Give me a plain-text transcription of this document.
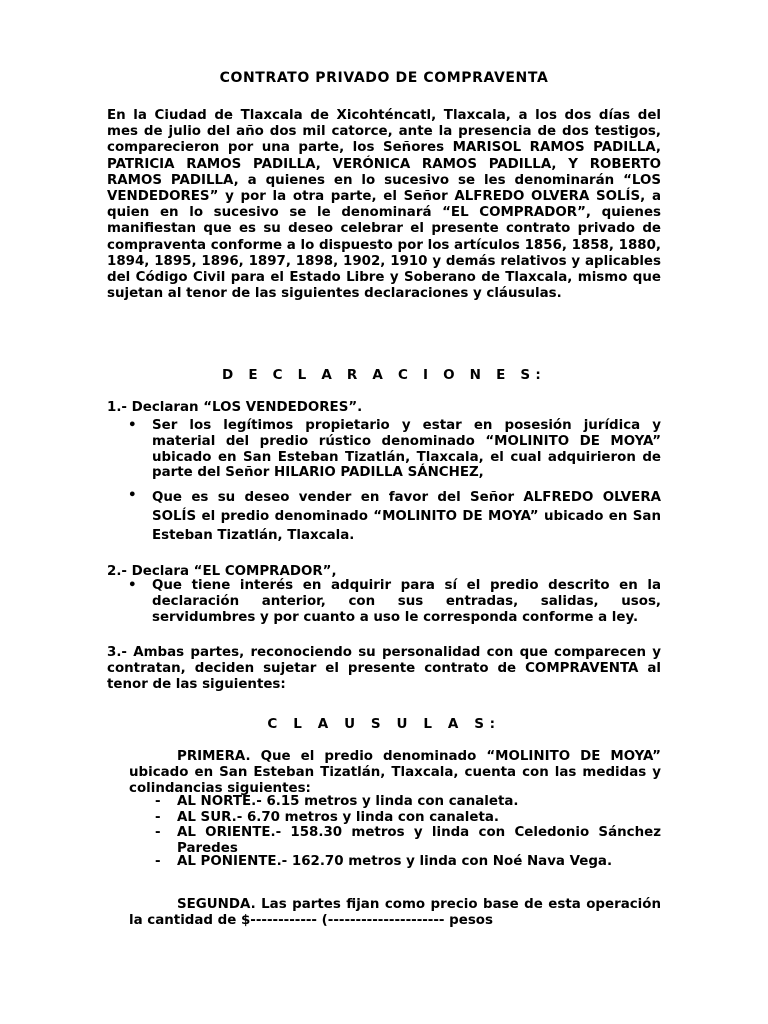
CONTRATO PRIVADO DE COMPRAVENTA
En la Ciudad de Tlaxcala de Xicohténcatl, Tlaxcala, a los dos días del mes de julio del año dos mil catorce, ante la presencia de dos testigos, comparecieron por una parte, los Señores MARISOL RAMOS PADILLA, PATRICIA RAMOS PADILLA, VERÓNICA RAMOS PADILLA, Y ROBERTO RAMOS PADILLA, a quienes en lo sucesivo se les denominarán “LOS VENDEDORES” y por la otra parte, el Señor ALFREDO OLVERA SOLÍS, a quien en lo sucesivo se le denominará “EL COMPRADOR”, quienes manifiestan que es su deseo celebrar el presente contrato privado de compraventa conforme a lo dispuesto por los artículos 1856, 1858, 1880, 1894, 1895, 1896, 1897, 1898, 1902, 1910 y demás relativos y aplicables del Código Civil para el Estado Libre y Soberano de Tlaxcala, mismo que sujetan al tenor de las siguientes declaraciones y cláusulas.
D E C L A R A C I O N E S:
1.- Declaran “LOS VENDEDORES”.
• Ser los legítimos propietario y estar en posesión jurídica y material del predio rústico denominado “MOLINITO DE MOYA” ubicado en San Esteban Tizatlán, Tlaxcala, el cual adquirieron de parte del Señor HILARIO PADILLA SÁNCHEZ,
• Que es su deseo vender en favor del Señor ALFREDO OLVERA SOLÍS el predio denominado “MOLINITO DE MOYA” ubicado en San Esteban Tizatlán, Tlaxcala.
2.- Declara “EL COMPRADOR”,
• Que tiene interés en adquirir para sí el predio descrito en la declaración anterior, con sus entradas, salidas, usos, servidumbres y por cuanto a uso le corresponda conforme a ley.
3.- Ambas partes, reconociendo su personalidad con que comparecen y contratan, deciden sujetar el presente contrato de COMPRAVENTA al tenor de las siguientes:
C L A U S U L A S:
PRIMERA. Que el predio denominado “MOLINITO DE MOYA” ubicado en San Esteban Tizatlán, Tlaxcala, cuenta con las medidas y colindancias siguientes:
- AL NORTE.- 6.15 metros y linda con canaleta.
- AL SUR.- 6.70 metros y linda con canaleta.
- AL ORIENTE.- 158.30 metros y linda con Celedonio Sánchez Paredes
- AL PONIENTE.- 162.70 metros y linda con Noé Nava Vega.
SEGUNDA. Las partes fijan como precio base de esta operación la cantidad de $------------ (--------------------- pesos
